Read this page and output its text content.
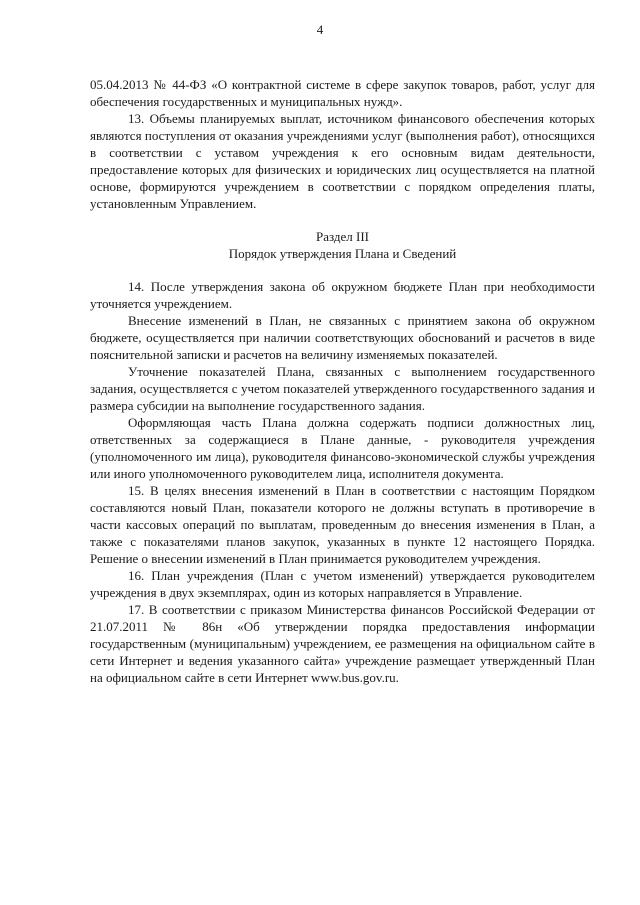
4

05.04.2013 № 44-ФЗ «О контрактной системе в сфере закупок товаров, работ, услуг для обеспечения государственных и муниципальных нужд».

13. Объемы планируемых выплат, источником финансового обеспечения которых являются поступления от оказания учреждениями услуг (выполнения работ), относящихся в соответствии с уставом учреждения к его основным видам деятельности, предоставление которых для физических и юридических лиц осуществляется на платной основе, формируются учреждением в соответствии с порядком определения платы, установленным Управлением.

Раздел III

Порядок утверждения Плана и Сведений

14. После утверждения закона об окружном бюджете План при необходимости уточняется учреждением.

Внесение изменений в План, не связанных с принятием закона об окружном бюджете, осуществляется при наличии соответствующих обоснований и расчетов в виде пояснительной записки и расчетов на величину изменяемых показателей.

Уточнение показателей Плана, связанных с выполнением государственного задания, осуществляется с учетом показателей утвержденного государственного задания и размера субсидии на выполнение государственного задания.

Оформляющая часть Плана должна содержать подписи должностных лиц, ответственных за содержащиеся в Плане данные, - руководителя учреждения (уполномоченного им лица), руководителя финансово-экономической службы учреждения или иного уполномоченного руководителем лица, исполнителя документа.

15. В целях внесения изменений в План в соответствии с настоящим Порядком составляются новый План, показатели которого не должны вступать в противоречие в части кассовых операций по выплатам, проведенным до внесения изменения в План, а также с показателями планов закупок, указанных в пункте 12 настоящего Порядка. Решение о внесении изменений в План принимается руководителем учреждения.

16. План учреждения (План с учетом изменений) утверждается руководителем учреждения в двух экземплярах, один из которых направляется в Управление.

17. В соответствии с приказом Министерства финансов Российской Федерации от 21.07.2011 № 86н «Об утверждении порядка предоставления информации государственным (муниципальным) учреждением, ее размещения на официальном сайте в сети Интернет и ведения указанного сайта» учреждение размещает утвержденный План на официальном сайте в сети Интернет www.bus.gov.ru.
